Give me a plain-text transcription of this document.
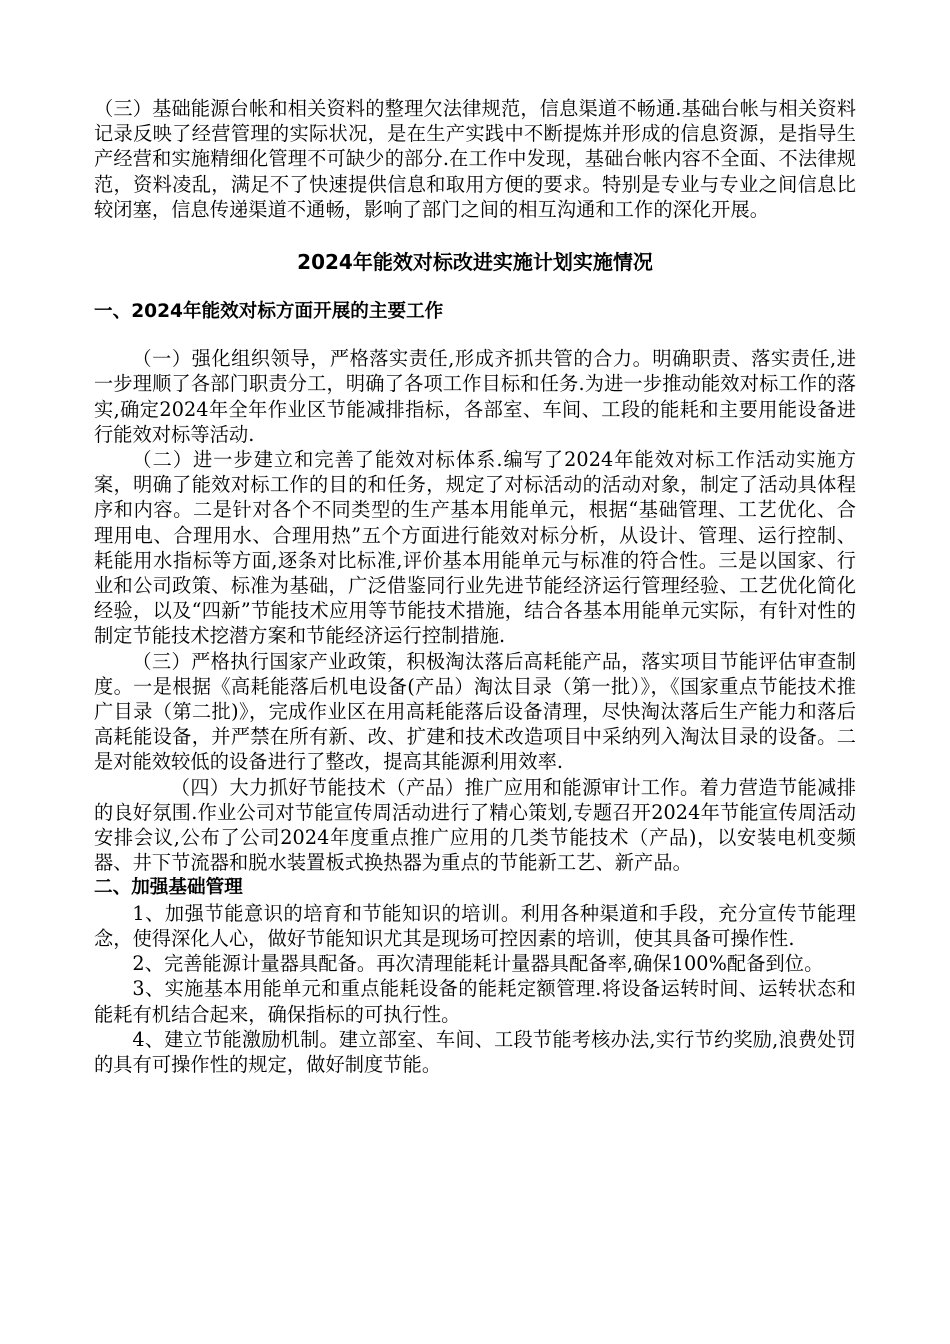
（三）基础能源台帐和相关资料的整理欠法律规范，信息渠道不畅通.基础台帐与相关资料记录反映了经营管理的实际状况，是在生产实践中不断提炼并形成的信息资源，是指导生产经营和实施精细化管理不可缺少的部分.在工作中发现，基础台帐内容不全面、不法律规范，资料凌乱，满足不了快速提供信息和取用方便的要求。特别是专业与专业之间信息比较闭塞，信息传递渠道不通畅，影响了部门之间的相互沟通和工作的深化开展。

2024年能效对标改进实施计划实施情况
一、2024年能效对标方面开展的主要工作

（一）强化组织领导，严格落实责任,形成齐抓共管的合力。明确职责、落实责任,进一步理顺了各部门职责分工，明确了各项工作目标和任务.为进一步推动能效对标工作的落实,确定2024年全年作业区节能减排指标，各部室、车间、工段的能耗和主要用能设备进行能效对标等活动.

（二）进一步建立和完善了能效对标体系.编写了2024年能效对标工作活动实施方案，明确了能效对标工作的目的和任务，规定了对标活动的活动对象，制定了活动具体程序和内容。二是针对各个不同类型的生产基本用能单元，根据“基础管理、工艺优化、合理用电、合理用水、合理用热”五个方面进行能效对标分析，从设计、管理、运行控制、耗能用水指标等方面,逐条对比标准,评价基本用能单元与标准的符合性。三是以国家、行业和公司政策、标准为基础，广泛借鉴同行业先进节能经济运行管理经验、工艺优化简化经验，以及“四新”节能技术应用等节能技术措施，结合各基本用能单元实际，有针对性的制定节能技术挖潜方案和节能经济运行控制措施.

（三）严格执行国家产业政策，积极淘汰落后高耗能产品，落实项目节能评估审查制度。一是根据《高耗能落后机电设备(产品）淘汰目录（第一批）》，《国家重点节能技术推广目录（第二批)》，完成作业区在用高耗能落后设备清理，尽快淘汰落后生产能力和落后高耗能设备，并严禁在所有新、改、扩建和技术改造项目中采纳列入淘汰目录的设备。二是对能效较低的设备进行了整改，提高其能源利用效率.

（四）大力抓好节能技术（产品）推广应用和能源审计工作。着力营造节能减排的良好氛围.作业公司对节能宣传周活动进行了精心策划,专题召开2024年节能宣传周活动安排会议,公布了公司2024年度重点推广应用的几类节能技术（产品)，以安装电机变频器、井下节流器和脱水装置板式换热器为重点的节能新工艺、新产品。

二、加强基础管理

1、加强节能意识的培育和节能知识的培训。利用各种渠道和手段，充分宣传节能理念，使得深化人心，做好节能知识尤其是现场可控因素的培训，使其具备可操作性.

2、完善能源计量器具配备。再次清理能耗计量器具配备率,确保100%配备到位。

3、实施基本用能单元和重点能耗设备的能耗定额管理.将设备运转时间、运转状态和能耗有机结合起来，确保指标的可执行性。

4、建立节能激励机制。建立部室、车间、工段节能考核办法,实行节约奖励,浪费处罚的具有可操作性的规定，做好制度节能。
